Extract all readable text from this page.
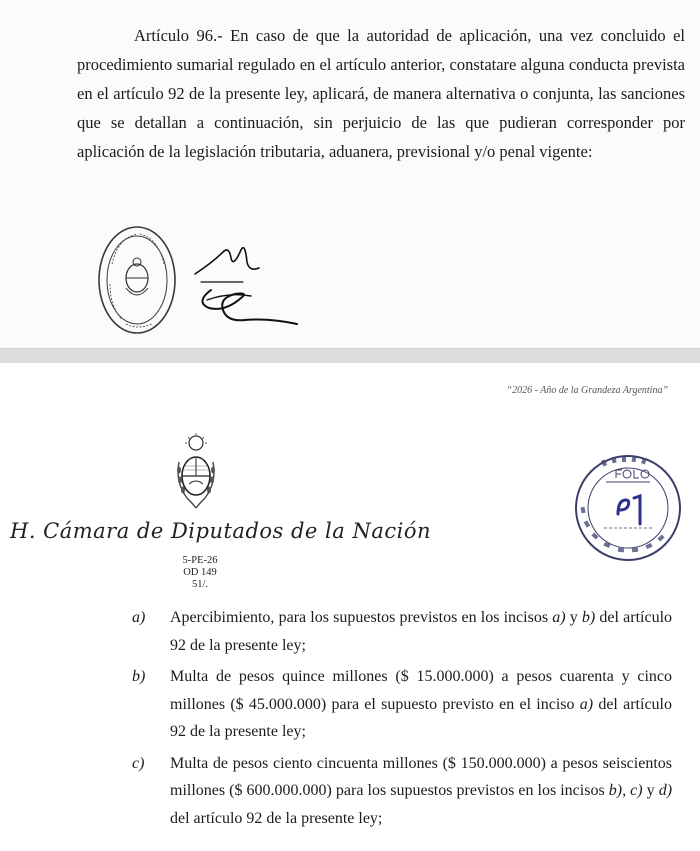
Artículo 96.- En caso de que la autoridad de aplicación, una vez concluido el procedimiento sumarial regulado en el artículo anterior, constatare alguna conducta prevista en el artículo 92 de la presente ley, aplicará, de manera alternativa o conjunta, las sanciones que se detallan a continuación, sin perjuicio de las que pudieran corresponder por aplicación de la legislación tributaria, aduanera, previsional y/o penal vigente:

“2026 - Año de la Grandeza Argentina”
H. Cámara de Diputados de la Nación
5-PE-26
OD 149
51/.
a) Apercibimiento, para los supuestos previstos en los incisos a) y b) del artículo 92 de la presente ley;
b) Multa de pesos quince millones ($ 15.000.000) a pesos cuarenta y cinco millones ($ 45.000.000) para el supuesto previsto en el inciso a) del artículo 92 de la presente ley;
c) Multa de pesos ciento cincuenta millones ($ 150.000.000) a pesos seiscientos millones ($ 600.000.000) para los supuestos previstos en los incisos b), c) y d) del artículo 92 de la presente ley;
